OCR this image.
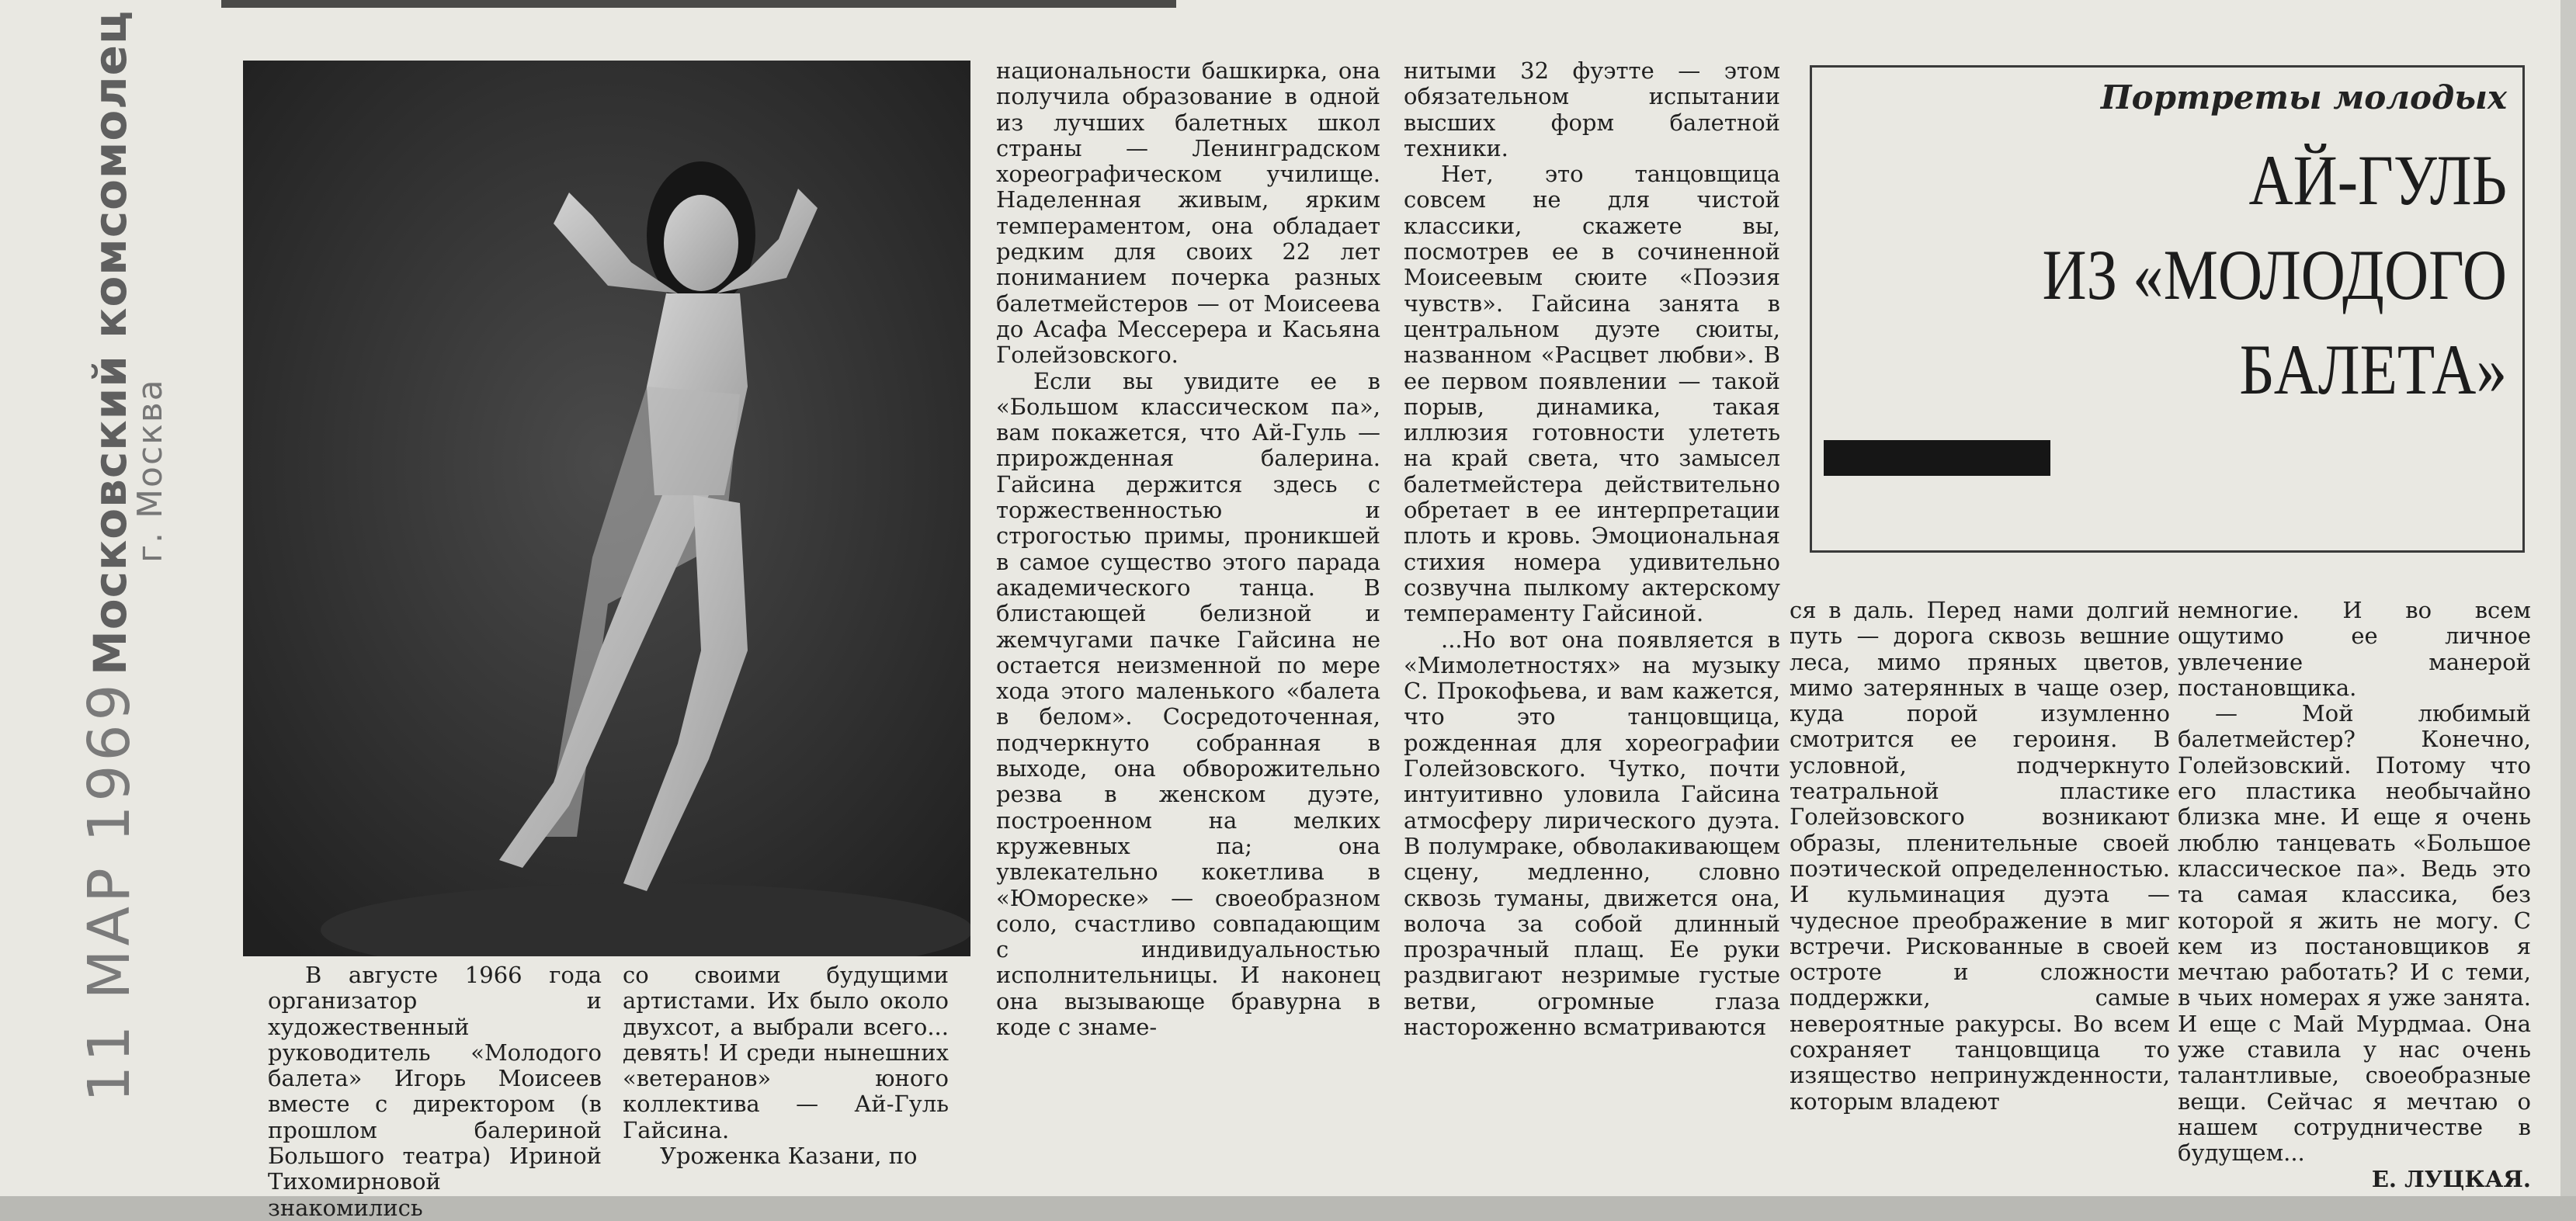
Московский комсомолец
г. Москва
11 МАР 1969	В августе 1966 года организатор и художественный руководитель «Молодого балета» Игорь Моисеев вместе с директором (в прошлом балериной Большого театра) Ириной Тихомирновой знакомились

со своими будущими артистами. Их было около двухсот, а выбрали всего... девять! И среди нынешних «ветеранов» юного коллектива — Ай-Гуль Гайсина.

Уроженка Казани, по

национальности башкирка, она получила образование в одной из лучших балетных школ страны — Ленинградском хореографическом училище. Наделенная живым, ярким темпераментом, она обладает редким для своих 22 лет пониманием почерка разных балетмейстеров — от Моисеева до Асафа Мессерера и Касьяна Голейзовского.

Если вы увидите ее в «Большом классическом па», вам покажется, что Ай-Гуль — прирожденная балерина. Гайсина держится здесь с торжественностью и строгостью примы, проникшей в самое существо этого парада академического танца. В блистающей белизной и жемчугами пачке Гайсина не остается неизменной по мере хода этого маленького «балета в белом». Сосредоточенная, подчеркнуто собранная в выходе, она обворожительно резва в женском дуэте, построенном на мелких кружевных па; она увлекательно кокетлива в «Юмореске» — своеобразном соло, счастливо совпадающим с индивидуальностью исполнительницы. И наконец она вызывающе бравурна в коде с знаме-

нитыми 32 фуэтте — этом обязательном испытании высших форм балетной техники.

Нет, это танцовщица совсем не для чистой классики, скажете вы, посмотрев ее в сочиненной Моисеевым сюите «Поэзия чувств». Гайсина занята в центральном дуэте сюиты, названном «Расцвет любви». В ее первом появлении — такой порыв, динамика, такая иллюзия готовности улететь на край света, что замысел балетмейстера действительно обретает в ее интерпретации плоть и кровь. Эмоциональная стихия номера удивительно созвучна пылкому актерскому темпераменту Гайсиной.

...Но вот она появляется в «Мимолетностях» на музыку С. Прокофьева, и вам кажется, что это танцовщица, рожденная для хореографии Голейзовского. Чутко, почти интуитивно уловила Гайсина атмосферу лирического дуэта. В полумраке, обволакивающем сцену, медленно, словно сквозь туманы, движется она, волоча за собой длинный прозрачный плащ. Ее руки раздвигают незримые густые ветви, огромные глаза настороженно всматриваются

ся в даль. Перед нами долгий путь — дорога сквозь вешние леса, мимо пряных цветов, мимо затерянных в чаще озер, куда порой изумленно смотрится ее героиня. В условной, подчеркнуто театральной пластике Голейзовского возникают образы, пленительные своей поэтической определенностью. И кульминация дуэта — чудесное преображение в миг встречи. Рискованные в своей остроте и сложности поддержки, самые невероятные ракурсы. Во всем сохраняет танцовщица то изящество непринужденности, которым владеют

немногие. И во всем ощутимо ее личное увлечение манерой постановщика.

— Мой любимый балетмейстер? Конечно, Голейзовский. Потому что его пластика необычайно близка мне. И еще я очень люблю танцевать «Большое классическое па». Ведь это та самая классика, без которой я жить не могу. С кем из постановщиков я мечтаю работать? И с теми, в чьих номерах я уже занята. И еще с Май Мурдмаа. Она уже ставила у нас очень талантливые, своеобразные вещи. Сейчас я мечтаю о нашем сотрудничестве в будущем...

Е. ЛУЦКАЯ.

Портреты молодых
АЙ-ГУЛЬ
ИЗ «МОЛОДОГО
БАЛЕТА»
